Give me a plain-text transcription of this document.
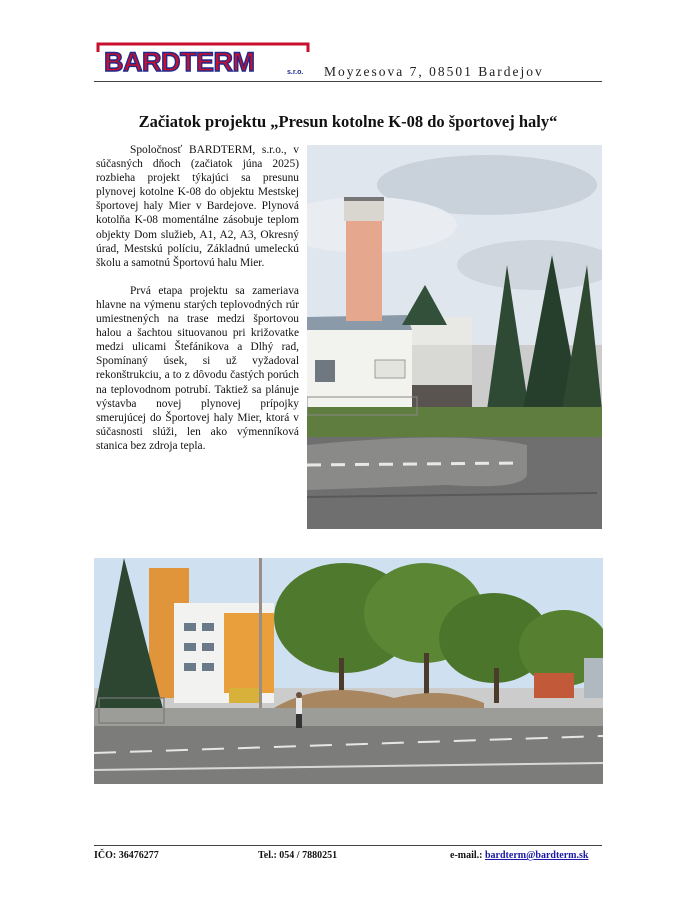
BARDTERM	s.r.o. Moyzesova 7, 08501 Bardejov
Začiatok projektu „Presun kotolne K-08 do športovej haly“

Spoločnosť BARDTERM, s.r.o., v súčasných dňoch (začiatok júna 2025) rozbieha projekt týkajúci sa presunu plynovej kotolne K-08 do objektu Mestskej športovej haly Mier v Bardejove. Plynová kotolňa K-08 momentálne zásobuje teplom objekty Dom služieb, A1, A2, A3, Okresný úrad, Mestskú políciu, Základnú umeleckú školu a samotnú Športovú halu Mier.

Prvá etapa projektu sa zameriava hlavne na výmenu starých teplovodných rúr umiestnených na trase medzi športovou halou a šachtou situovanou pri križovatke medzi ulicami Štefánikova a Dlhý rad, Spomínaný úsek, si už vyžadoval rekonštrukciu, a to z dôvodu častých porúch na teplovodnom potrubí. Taktiež sa plánuje výstavba novej plynovej prípojky smerujúcej do Športovej haly Mier, ktorá v súčasnosti slúži, len ako výmenníková stanica bez zdroja tepla.

IČO: 36476277	Tel.: 054 / 7880251	e-mail.: bardterm@bardterm.sk
